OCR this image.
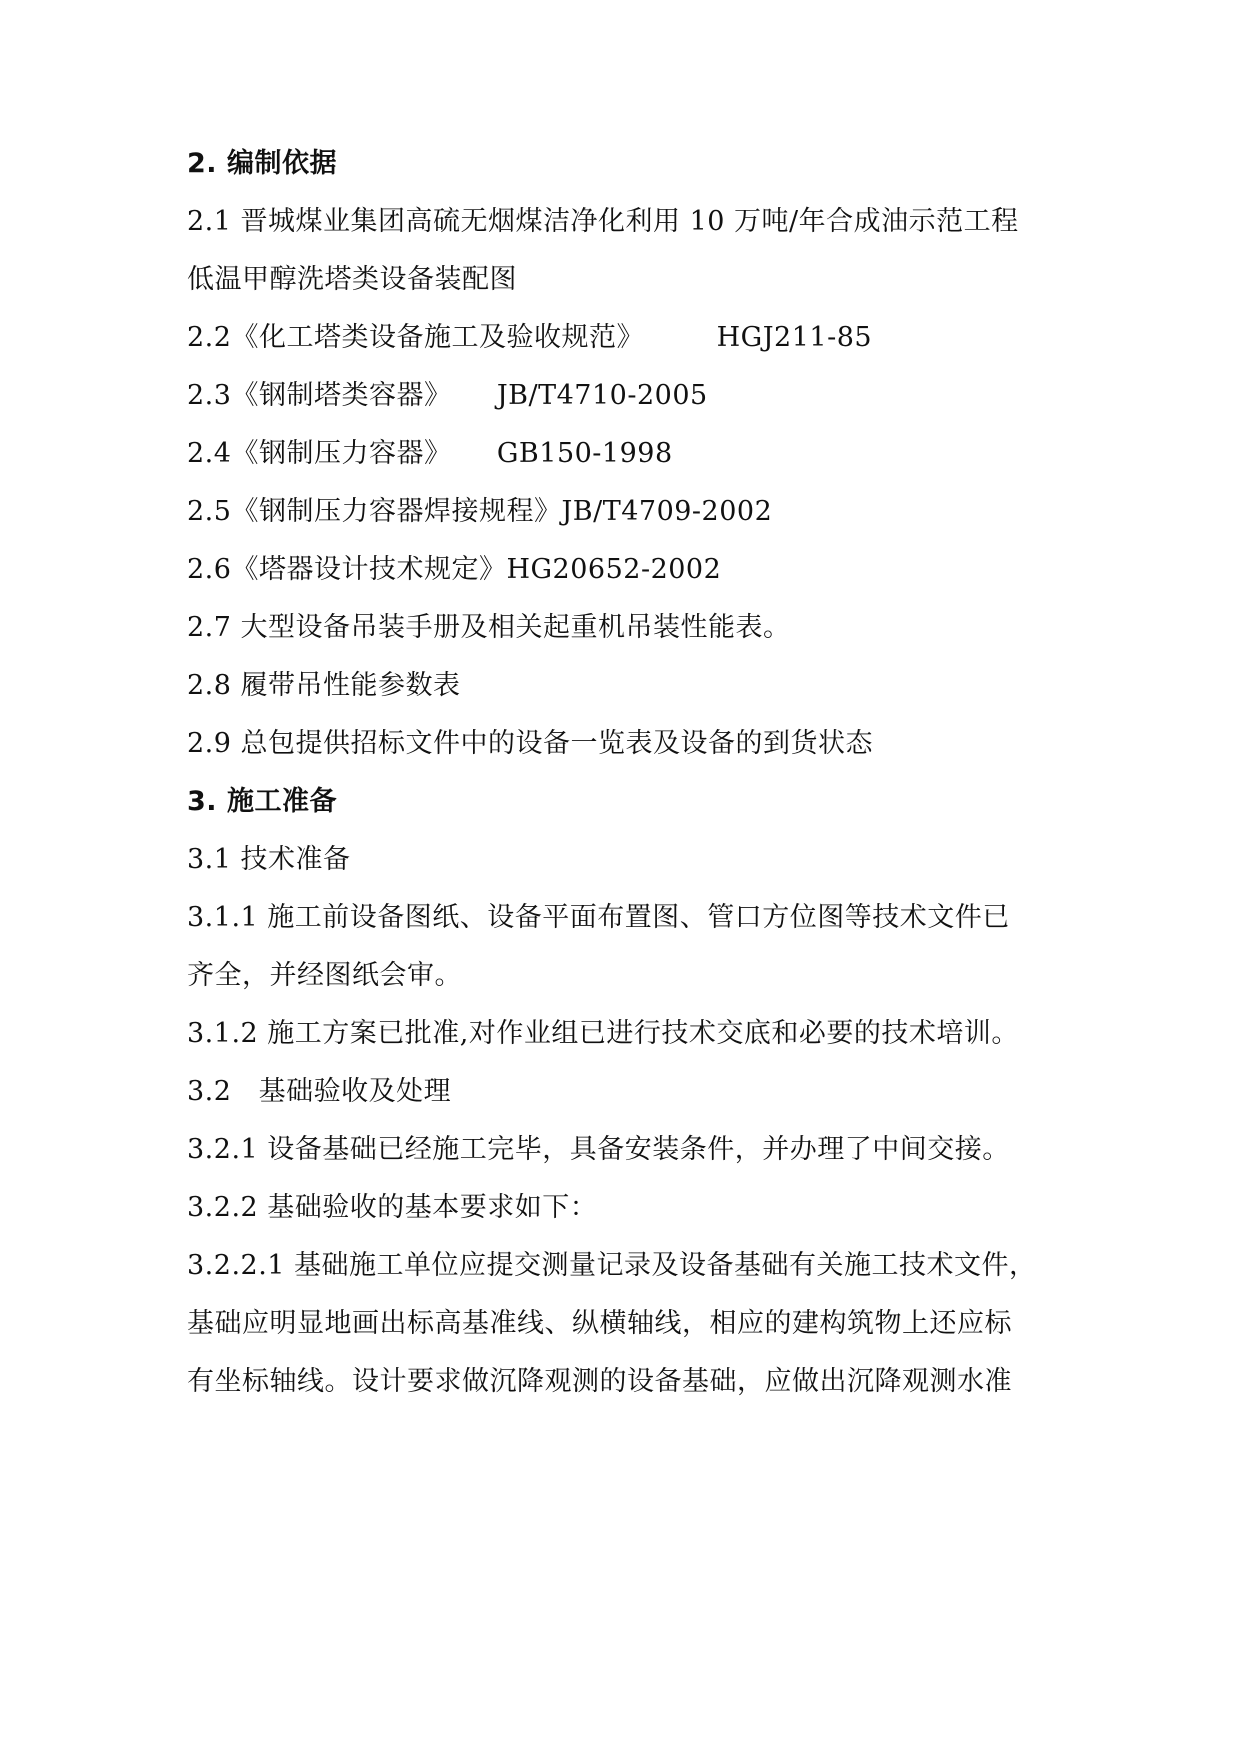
2. 编制依据
2.1 晋城煤业集团高硫无烟煤洁净化利用 10 万吨/年合成油示范工程
低温甲醇洗塔类设备装配图
2.2《化工塔类设备施工及验收规范》        HGJ211-85
2.3《钢制塔类容器》     JB/T4710-2005
2.4《钢制压力容器》     GB150-1998
2.5《钢制压力容器焊接规程》JB/T4709-2002
2.6《塔器设计技术规定》HG20652-2002
2.7 大型设备吊装手册及相关起重机吊装性能表。
2.8 履带吊性能参数表
2.9 总包提供招标文件中的设备一览表及设备的到货状态
3. 施工准备
3.1 技术准备
3.1.1 施工前设备图纸、设备平面布置图、管口方位图等技术文件已
齐全，并经图纸会审。
3.1.2 施工方案已批准,对作业组已进行技术交底和必要的技术培训。
3.2   基础验收及处理
3.2.1 设备基础已经施工完毕，具备安装条件，并办理了中间交接。
3.2.2 基础验收的基本要求如下：
3.2.2.1 基础施工单位应提交测量记录及设备基础有关施工技术文件，
基础应明显地画出标高基准线、纵横轴线，相应的建构筑物上还应标
有坐标轴线。设计要求做沉降观测的设备基础，应做出沉降观测水准
